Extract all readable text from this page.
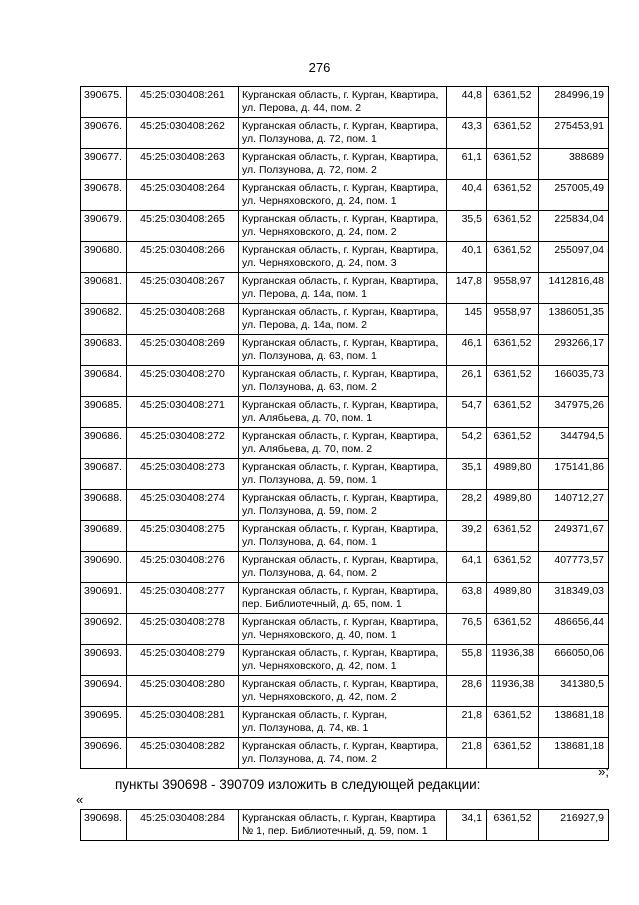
276
390675.	45:25:030408:261	Курганская область, г. Курган, Квартира,
ул. Перова, д. 44, пом. 2	44,8	6361,52	284996,19
390676.	45:25:030408:262	Курганская область, г. Курган, Квартира,
ул. Ползунова, д. 72, пом. 1	43,3	6361,52	275453,91
390677.	45:25:030408:263	Курганская область, г. Курган, Квартира,
ул. Ползунова, д. 72, пом. 2	61,1	6361,52	388689
390678.	45:25:030408:264	Курганская область, г. Курган, Квартира,
ул. Черняховского, д. 24, пом. 1	40,4	6361,52	257005,49
390679.	45:25:030408:265	Курганская область, г. Курган, Квартира,
ул. Черняховского, д. 24, пом. 2	35,5	6361,52	225834,04
390680.	45:25:030408:266	Курганская область, г. Курган, Квартира,
ул. Черняховского, д. 24, пом. 3	40,1	6361,52	255097,04
390681.	45:25:030408:267	Курганская область, г. Курган, Квартира,
ул. Перова, д. 14а, пом. 1	147,8	9558,97	1412816,48
390682.	45:25:030408:268	Курганская область, г. Курган, Квартира,
ул. Перова, д. 14а, пом. 2	145	9558,97	1386051,35
390683.	45:25:030408:269	Курганская область, г. Курган, Квартира,
ул. Ползунова, д. 63, пом. 1	46,1	6361,52	293266,17
390684.	45:25:030408:270	Курганская область, г. Курган, Квартира,
ул. Ползунова, д. 63, пом. 2	26,1	6361,52	166035,73
390685.	45:25:030408:271	Курганская область, г. Курган, Квартира,
ул. Алябьева, д. 70, пом. 1	54,7	6361,52	347975,26
390686.	45:25:030408:272	Курганская область, г. Курган, Квартира,
ул. Алябьева, д. 70, пом. 2	54,2	6361,52	344794,5
390687.	45:25:030408:273	Курганская область, г. Курган, Квартира,
ул. Ползунова, д. 59, пом. 1	35,1	4989,80	175141,86
390688.	45:25:030408:274	Курганская область, г. Курган, Квартира,
ул. Ползунова, д. 59, пом. 2	28,2	4989,80	140712,27
390689.	45:25:030408:275	Курганская область, г. Курган, Квартира,
ул. Ползунова, д. 64, пом. 1	39,2	6361,52	249371,67
390690.	45:25:030408:276	Курганская область, г. Курган, Квартира,
ул. Ползунова, д. 64, пом. 2	64,1	6361,52	407773,57
390691.	45:25:030408:277	Курганская область, г. Курган, Квартира,
пер. Библиотечный, д. 65, пом. 1	63,8	4989,80	318349,03
390692.	45:25:030408:278	Курганская область, г. Курган, Квартира,
ул. Черняховского, д. 40, пом. 1	76,5	6361,52	486656,44
390693.	45:25:030408:279	Курганская область, г. Курган, Квартира,
ул. Черняховского, д. 42, пом. 1	55,8	11936,38	666050,06
390694.	45:25:030408:280	Курганская область, г. Курган, Квартира,
ул. Черняховского, д. 42, пом. 2	28,6	11936,38	341380,5
390695.	45:25:030408:281	Курганская область, г. Курган,
ул. Ползунова, д. 74, кв. 1	21,8	6361,52	138681,18
390696.	45:25:030408:282	Курганская область, г. Курган, Квартира,
ул. Ползунова, д. 74, пом. 2	21,8	6361,52	138681,18
»;
пункты 390698 - 390709 изложить в следующей редакции:
«
390698.	45:25:030408:284	Курганская область, г. Курган, Квартира
№ 1, пер. Библиотечный, д. 59, пом. 1
	34,1	6361,52	216927,9
